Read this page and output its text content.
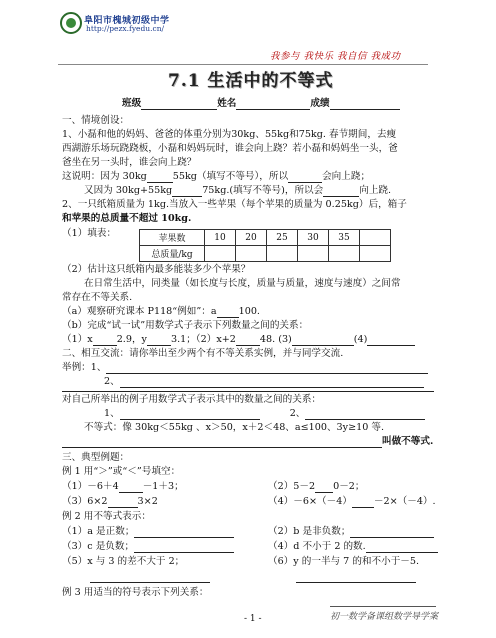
阜阳市槐城初级中学
http://pezx.fyedu.cn/
我参与 我快乐 我自信 我成功
7.1 生活中的不等式
班级	姓名	成绩
一、情境创设：
1、小磊和他的妈妈、爸爸的体重分别为30kg、55kg和75kg. 春节期间，去瘦
西湖游乐场玩跷跷板，小磊和妈妈玩时，谁会向上跷？若小磊和妈妈坐一头，爸
爸坐在另一头时，谁会向上跷？
这说明：因为 30kg	55kg（填写不等号），所以	会向上跷；
又因为 30kg+55kg	75kg.(填写不等号)，所以会	向上跷.
2、一只纸箱质量为 1kg.当放入一些苹果（每个苹果的质量为 0.25kg）后，箱子
和苹果的总质量不超过 10kg.
（1）填表：	苹果数	10	20	25	30	35	
总质量/kg						
（2）估计这只纸箱内最多能装多少个苹果？
在日常生活中，同类量（如长度与长度，质量与质量，速度与速度）之间常
常存在不等关系.
（a）观察研究课本 P118“例如”：a 100.
（b）完成“试一试”用数学式子表示下列数量之间的关系：
（1）x	2.9，y	3.1；（2）x+2	48. (3)	(4)
二、相互交流：请你举出至少两个有不等关系实例，并与同学交流.
举例：1、
2、
对自己所举出的例子用数学式子表示其中的数量之间的关系：
1、	2、
不等式：像 30kg＜55kg 、x＞50，x＋2＜48、a≤100、3y≥10 等.
叫做不等式.
三、典型例题：
例 1 用“＞”或“＜”号填空：
（1）－6＋4	－1＋3；	（2）5－2 0－2；
（3）6×2	3×2	（4）－6×（－4） －2×（－4）.
例 2 用不等式表示：
（1）a 是正数；	（2）b 是非负数；
（3）c 是负数；	（4）d 不小于 2 的数.
（5）x 与 3 的差不大于 2；	（6）y 的一半与 7 的和不小于－5.
例 3 用适当的符号表示下列关系：
- 1 -	初一数学备课组数学导学案
